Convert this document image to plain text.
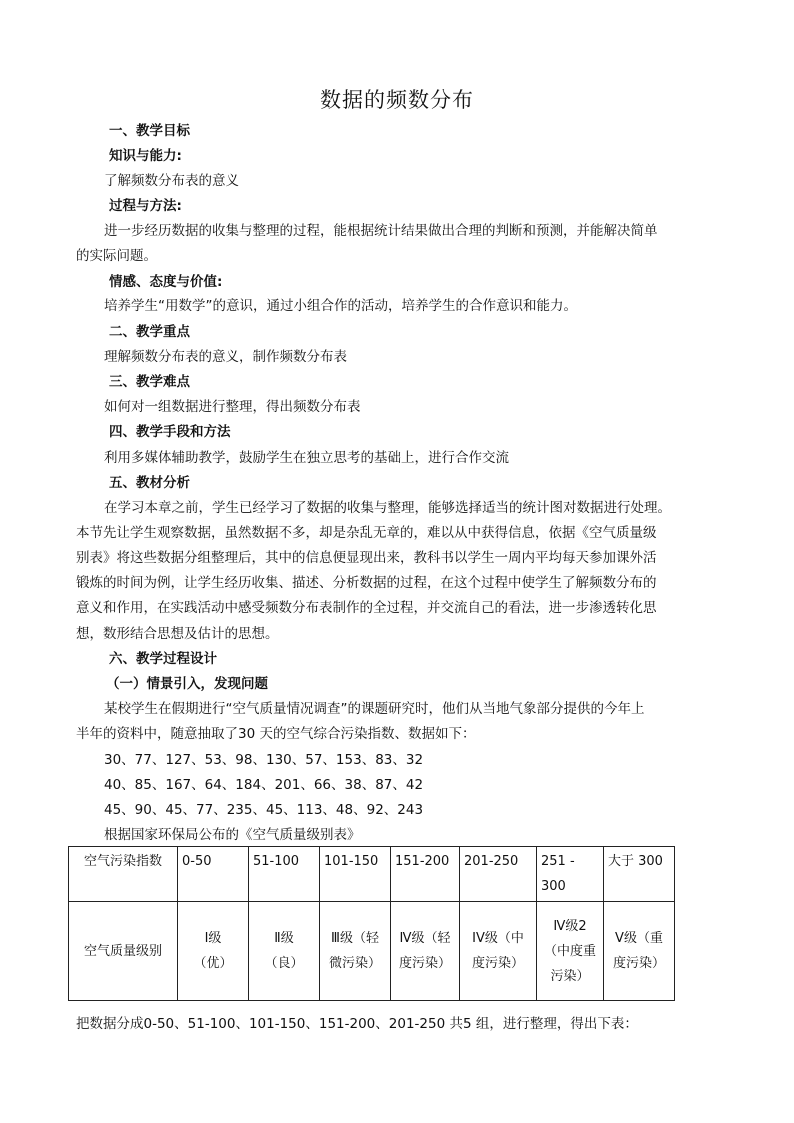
数据的频数分布
一、教学目标
知识与能力:
了解频数分布表的意义
过程与方法:
进一步经历数据的收集与整理的过程，能根据统计结果做出合理的判断和预测，并能解决简单
的实际问题。
情感、态度与价值:
培养学生“用数学”的意识，通过小组合作的活动，培养学生的合作意识和能力。
二、教学重点
理解频数分布表的意义，制作频数分布表
三、教学难点
如何对一组数据进行整理，得出频数分布表
四、教学手段和方法
利用多媒体辅助教学，鼓励学生在独立思考的基础上，进行合作交流
五、教材分析
在学习本章之前，学生已经学习了数据的收集与整理，能够选择适当的统计图对数据进行处理。
本节先让学生观察数据，虽然数据不多，却是杂乱无章的，难以从中获得信息，依据《空气质量级
别表》将这些数据分组整理后，其中的信息便显现出来，教科书以学生一周内平均每天参加课外活
锻炼的时间为例，让学生经历收集、描述、分析数据的过程，在这个过程中使学生了解频数分布的
意义和作用，在实践活动中感受频数分布表制作的全过程，并交流自己的看法，进一步渗透转化思
想，数形结合思想及估计的思想。
六、教学过程设计
（一）情景引入，发现问题
某校学生在假期进行“空气质量情况调查”的课题研究时，他们从当地气象部分提供的今年上
半年的资料中，随意抽取了30 天的空气综合污染指数、数据如下：
30、77、127、53、98、130、57、153、83、32
40、85、167、64、184、201、66、38、87、42
45、90、45、77、235、45、113、48、92、243
根据国家环保局公布的《空气质量级别表》
空气污染指数	0-50	51-100	101-150	151-200	201-250	251 - 300	大于 300
空气质量级别	Ⅰ级（优）	Ⅱ级（良）	Ⅲ级（轻微污染）	Ⅳ级（轻度污染）	ⅠⅤ级（中度污染）	Ⅳ级2（中度重污染）	Ⅴ级（重度污染）
把数据分成0-50、51-100、101-150、151-200、201-250 共5 组，进行整理，得出下表：
